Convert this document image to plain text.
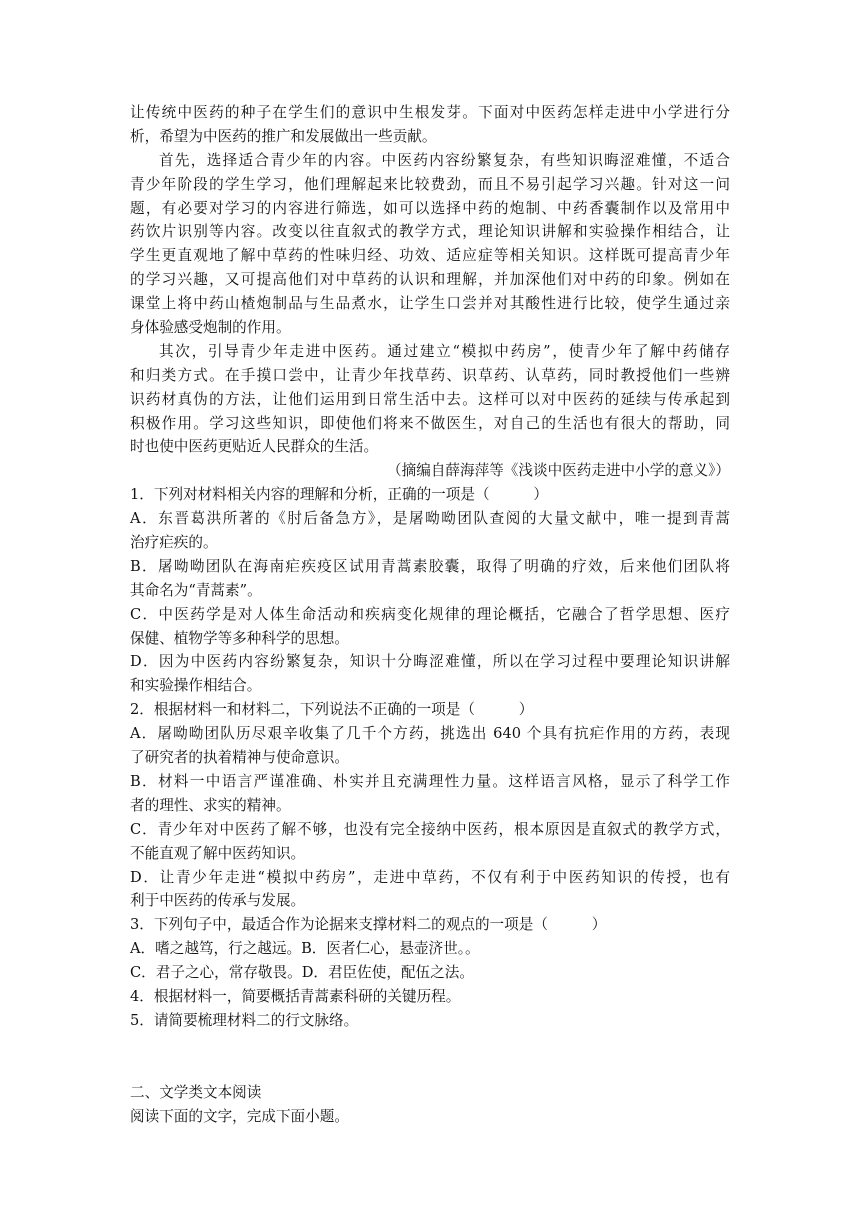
让传统中医药的种子在学生们的意识中生根发芽。下面对中医药怎样走进中小学进行分
析，希望为中医药的推广和发展做出一些贡献。
首先，选择适合青少年的内容。中医药内容纷繁复杂，有些知识晦涩难懂，不适合
青少年阶段的学生学习，他们理解起来比较费劲，而且不易引起学习兴趣。针对这一问
题，有必要对学习的内容进行筛选，如可以选择中药的炮制、中药香囊制作以及常用中
药饮片识别等内容。改变以往直叙式的教学方式，理论知识讲解和实验操作相结合，让
学生更直观地了解中草药的性味归经、功效、适应症等相关知识。这样既可提高青少年
的学习兴趣，又可提高他们对中草药的认识和理解，并加深他们对中药的印象。例如在
课堂上将中药山楂炮制品与生品煮水，让学生口尝并对其酸性进行比较，使学生通过亲
身体验感受炮制的作用。
其次，引导青少年走进中医药。通过建立“模拟中药房”，使青少年了解中药储存
和归类方式。在手摸口尝中，让青少年找草药、识草药、认草药，同时教授他们一些辨
识药材真伪的方法，让他们运用到日常生活中去。这样可以对中医药的延续与传承起到
积极作用。学习这些知识，即使他们将来不做医生，对自己的生活也有很大的帮助，同
时也使中医药更贴近人民群众的生活。
（摘编自薛海萍等《浅谈中医药走进中小学的意义》）
1．下列对材料相关内容的理解和分析，正确的一项是（　　　）
A．东晋葛洪所著的《肘后备急方》，是屠呦呦团队查阅的大量文献中，唯一提到青蒿
治疗疟疾的。
B．屠呦呦团队在海南疟疾疫区试用青蒿素胶囊，取得了明确的疗效，后来他们团队将
其命名为“青蒿素”。
C．中医药学是对人体生命活动和疾病变化规律的理论概括，它融合了哲学思想、医疗
保健、植物学等多种科学的思想。
D．因为中医药内容纷繁复杂，知识十分晦涩难懂，所以在学习过程中要理论知识讲解
和实验操作相结合。
2．根据材料一和材料二，下列说法不正确的一项是（　　　）
A．屠呦呦团队历尽艰辛收集了几千个方药，挑选出 640 个具有抗疟作用的方药，表现
了研究者的执着精神与使命意识。
B．材料一中语言严谨准确、朴实并且充满理性力量。这样语言风格，显示了科学工作
者的理性、求实的精神。
C．青少年对中医药了解不够，也没有完全接纳中医药，根本原因是直叙式的教学方式，
不能直观了解中医药知识。
D．让青少年走进“模拟中药房”，走进中草药，不仅有利于中医药知识的传授，也有
利于中医药的传承与发展。
3．下列句子中，最适合作为论据来支撑材料二的观点的一项是（　　　）
A．嗜之越笃，行之越远。B．医者仁心，悬壶济世。。
C．君子之心，常存敬畏。D．君臣佐使，配伍之法。
4．根据材料一，简要概括青蒿素科研的关键历程。
5．请简要梳理材料二的行文脉络。
二、文学类文本阅读
阅读下面的文字，完成下面小题。
